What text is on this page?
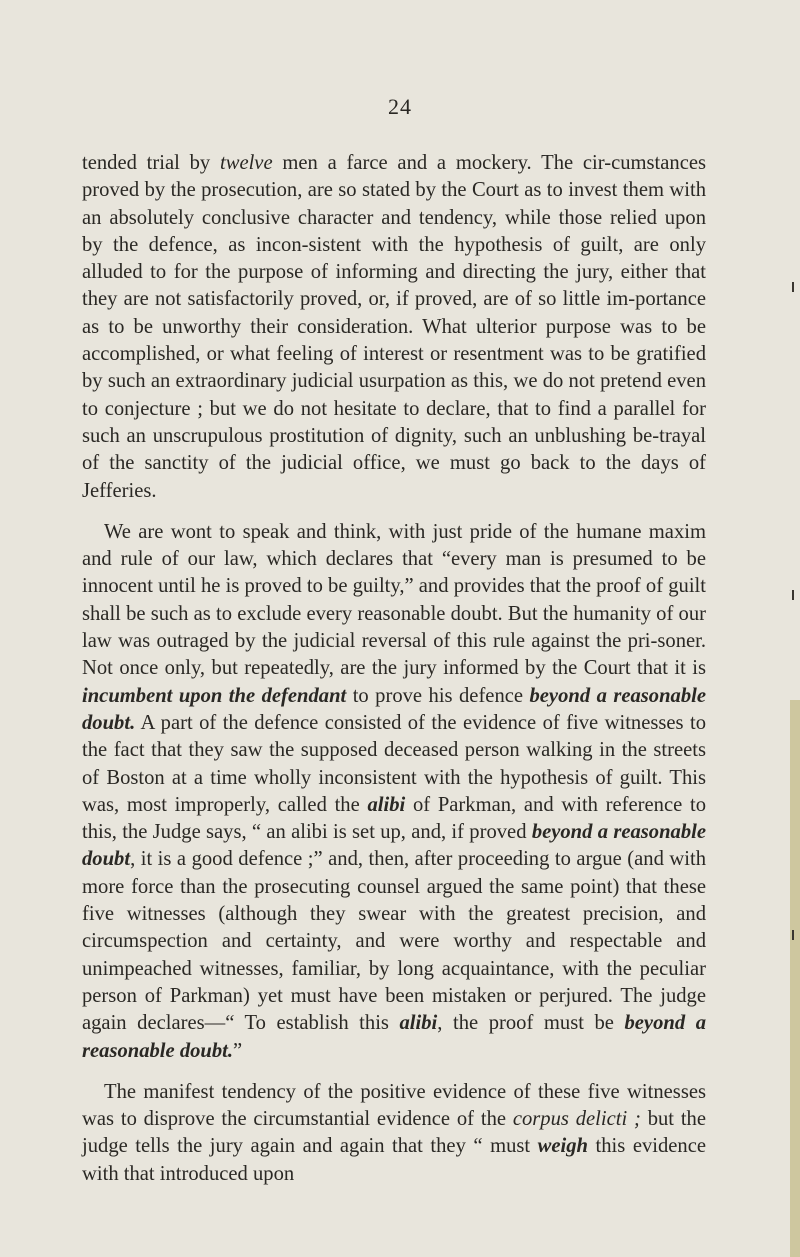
24

tended trial by twelve men a farce and a mockery. The cir-cumstances proved by the prosecution, are so stated by the Court as to invest them with an absolutely conclusive character and tendency, while those relied upon by the defence, as incon-sistent with the hypothesis of guilt, are only alluded to for the purpose of informing and directing the jury, either that they are not satisfactorily proved, or, if proved, are of so little im-portance as to be unworthy their consideration. What ulterior purpose was to be accomplished, or what feeling of interest or resentment was to be gratified by such an extraordinary judicial usurpation as this, we do not pretend even to conjecture ; but we do not hesitate to declare, that to find a parallel for such an unscrupulous prostitution of dignity, such an unblushing be-trayal of the sanctity of the judicial office, we must go back to the days of Jefferies.

We are wont to speak and think, with just pride of the humane maxim and rule of our law, which declares that “every man is presumed to be innocent until he is proved to be guilty,” and provides that the proof of guilt shall be such as to exclude every reasonable doubt. But the humanity of our law was outraged by the judicial reversal of this rule against the pri-soner. Not once only, but repeatedly, are the jury informed by the Court that it is incumbent upon the defendant to prove his defence beyond a reasonable doubt. A part of the defence consisted of the evidence of five witnesses to the fact that they saw the supposed deceased person walking in the streets of Boston at a time wholly inconsistent with the hypothesis of guilt. This was, most improperly, called the alibi of Parkman, and with reference to this, the Judge says, “ an alibi is set up, and, if proved beyond a reasonable doubt, it is a good defence ;” and, then, after proceeding to argue (and with more force than the prosecuting counsel argued the same point) that these five witnesses (although they swear with the greatest precision, and circumspection and certainty, and were worthy and respectable and unimpeached witnesses, familiar, by long acquaintance, with the peculiar person of Parkman) yet must have been mistaken or perjured. The judge again declares—“ To establish this alibi, the proof must be beyond a reasonable doubt.”

The manifest tendency of the positive evidence of these five witnesses was to disprove the circumstantial evidence of the corpus delicti ; but the judge tells the jury again and again that they “ must weigh this evidence with that introduced upon
